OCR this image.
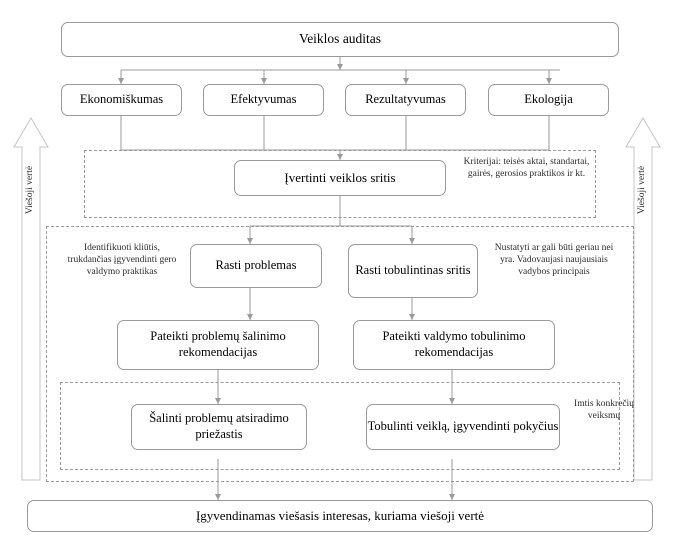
Veiklos auditas
Ekonomiškumas	Efektyvumas	Rezultatyvumas	Ekologija
Įvertinti veiklos sritis
Kriterijai: teisės aktai, standartai, gairės, gerosios praktikos ir kt.
Rasti problemas	Rasti tobulintinas sritis
Identifikuoti kliūtis, trukdančias įgyvendinti gero valdymo praktikas
Nustatyti ar gali būti geriau nei yra. Vadovaujasi naujausiais vadybos principais
Pateikti problemų šalinimo rekomendacijas
Pateikti valdymo tobulinimo rekomendacijas
Šalinti problemų atsiradimo priežastis
Tobulinti veiklą, įgyvendinti pokyčius
Imtis konkrečių veiksmų
Įgyvendinamas viešasis interesas, kuriama viešoji vertė
Viešoji vertė	Viešoji vertė
